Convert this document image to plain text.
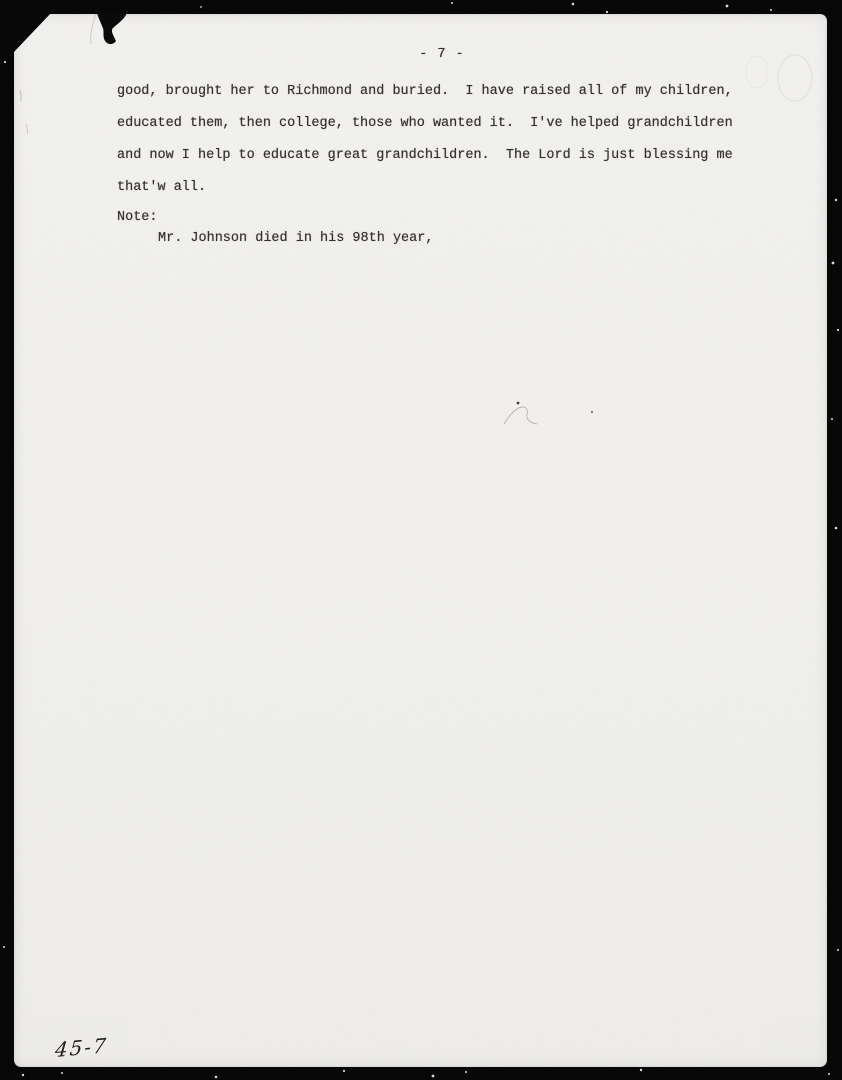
- 7 -
good, brought her to Richmond and buried.  I have raised all of my children,
educated them, then college, those who wanted it.  I've helped grandchildren
and now I help to educate great grandchildren.  The Lord is just blessing me
that'w all.
Note:
Mr. Johnson died in his 98th year,
45-7
